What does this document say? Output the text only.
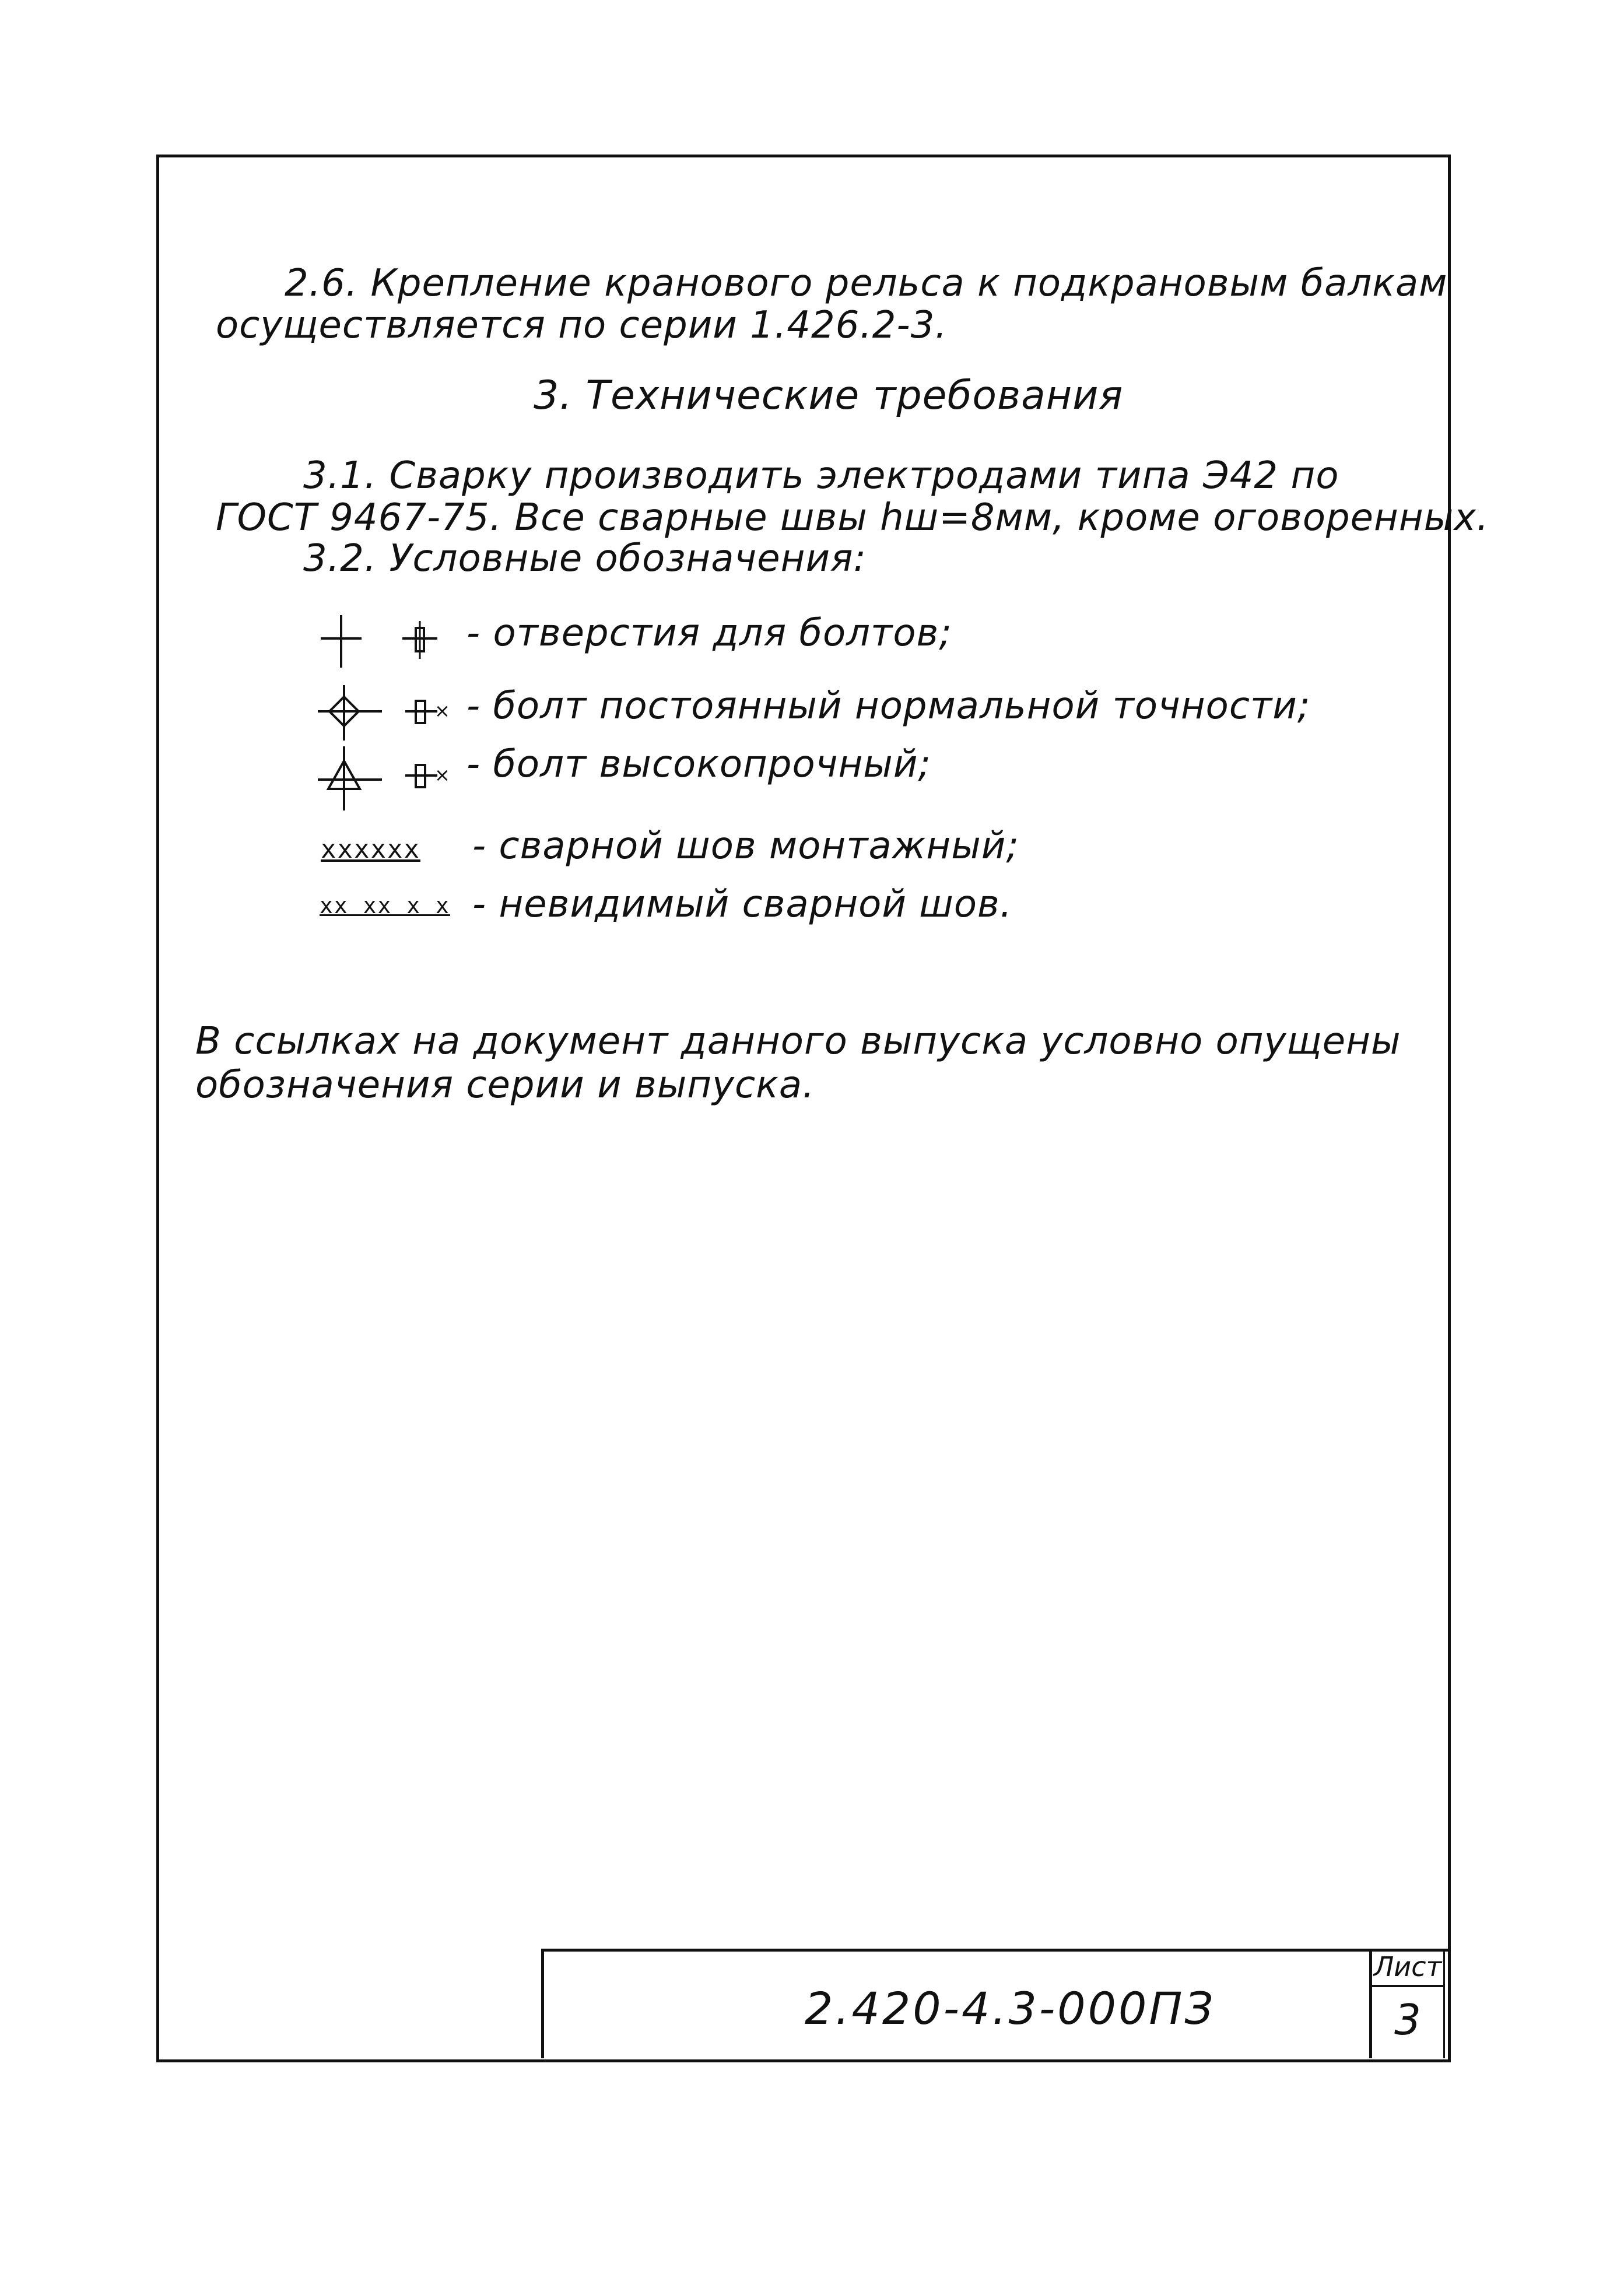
2.6. Крепление кранового рельса к подкрановым балкам
осуществляется по серии 1.426.2-3.
3. Технические требования
3.1. Сварку производить электродами типа Э42 по
ГОСТ 9467-75. Все сварные швы hш=8мм, кроме оговоренных.
3.2. Условные обозначения:
- отверстия для болтов;
× - болт постоянный нормальной точности;
× - болт высокопрочный;
xxxxxx - сварной шов монтажный;
xx xx x x - невидимый сварной шов.
В ссылках на документ данного выпуска условно опущены
обозначения серии и выпуска.
2.420-4.3-000ПЗ
Лист
3
